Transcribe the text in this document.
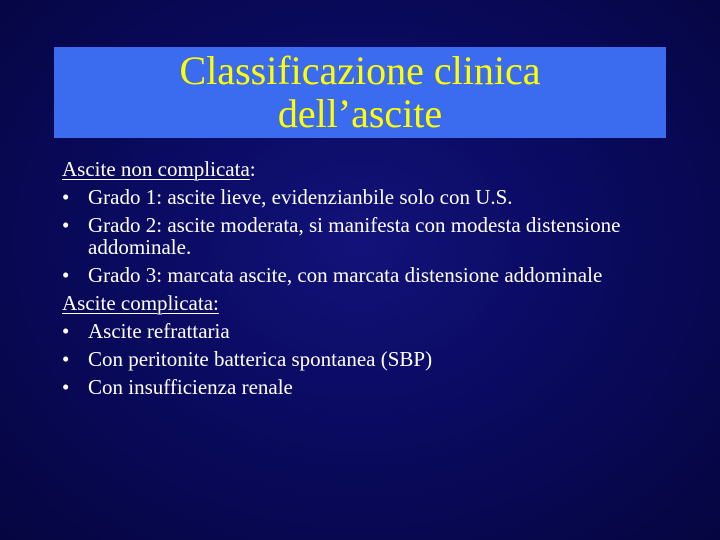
Classificazione clinica
dell’ascite
Ascite non complicata:
• Grado 1: ascite lieve, evidenzianbile solo con U.S.
• Grado 2: ascite moderata, si manifesta con modesta distensione addominale.
• Grado 3: marcata ascite, con marcata distensione addominale
Ascite complicata:
• Ascite refrattaria
• Con peritonite batterica spontanea (SBP)
• Con insufficienza renale
